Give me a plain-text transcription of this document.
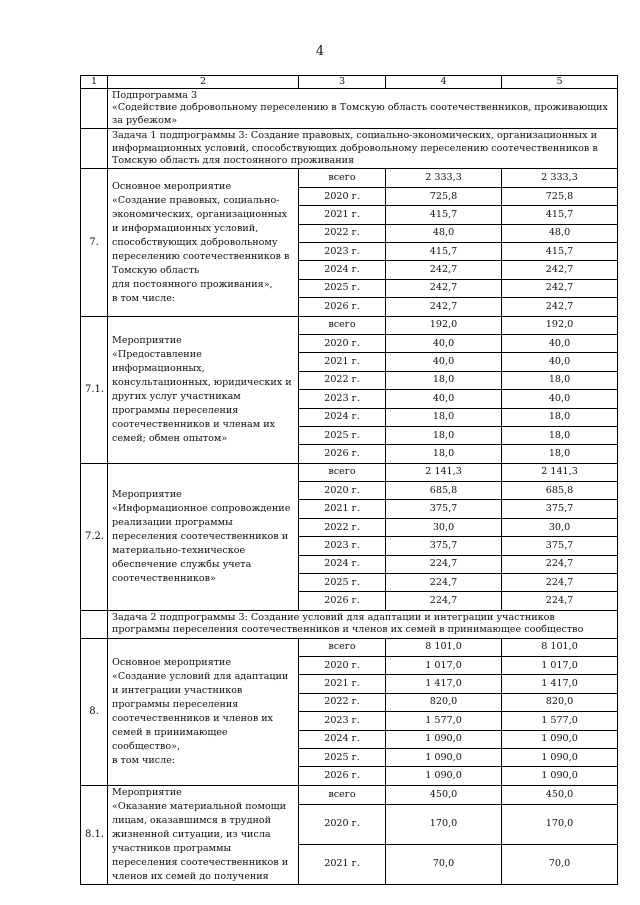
4
1	2	3	4	5
	Подпрограмма 3
«Содействие добровольному переселению в Томскую область соотечественников, проживающих за рубежом»			
	Задача 1 подпрограммы 3: Создание правовых, социально-экономических, организационных и информационных условий, способствующих добровольному переселению соотечественников в Томскую область для постоянного проживания			
7.	Основное мероприятие
«Создание правовых, социально-экономических, организационных и информационных условий, способствующих добровольному переселению соотечественников в Томскую область
для постоянного проживания»,
в том числе:	всего	2 333,3	2 333,3
		2020 г.	725,8	725,8
		2021 г.	415,7	415,7
		2022 г.	48,0	48,0
		2023 г.	415,7	415,7
		2024 г.	242,7	242,7
		2025 г.	242,7	242,7
		2026 г.	242,7	242,7
7.1.	Мероприятие
«Предоставление информационных, консультационных, юридических и других услуг участникам программы переселения соотечественников и членам их семей; обмен опытом»	всего	192,0	192,0
		2020 г.	40,0	40,0
		2021 г.	40,0	40,0
		2022 г.	18,0	18,0
		2023 г.	40,0	40,0
		2024 г.	18,0	18,0
		2025 г.	18,0	18,0
		2026 г.	18,0	18,0
7.2.	Мероприятие
«Информационное сопровождение реализации программы переселения соотечественников и материально-техническое обеспечение службы учета соотечественников»	всего	2 141,3	2 141,3
		2020 г.	685,8	685,8
		2021 г.	375,7	375,7
		2022 г.	30,0	30,0
		2023 г.	375,7	375,7
		2024 г.	224,7	224,7
		2025 г.	224,7	224,7
		2026 г.	224,7	224,7
	Задача 2 подпрограммы 3: Создание условий для адаптации и интеграции участников программы переселения соотечественников и членов их семей в принимающее сообщество			
8.	Основное мероприятие
«Создание условий для адаптации и интеграции участников программы переселения соотечественников и членов их семей в принимающее сообщество»,
в том числе:	всего	8 101,0	8 101,0
		2020 г.	1 017,0	1 017,0
		2021 г.	1 417,0	1 417,0
		2022 г.	820,0	820,0
		2023 г.	1 577,0	1 577,0
		2024 г.	1 090,0	1 090,0
		2025 г.	1 090,0	1 090,0
		2026 г.	1 090,0	1 090,0
8.1.	Мероприятие
«Оказание материальной помощи лицам, оказавшимся в трудной жизненной ситуации, из числа участников программы переселения соотечественников и членов их семей до получения	всего	450,0	450,0
		2020 г.	170,0	170,0
		2021 г.	70,0	70,0
